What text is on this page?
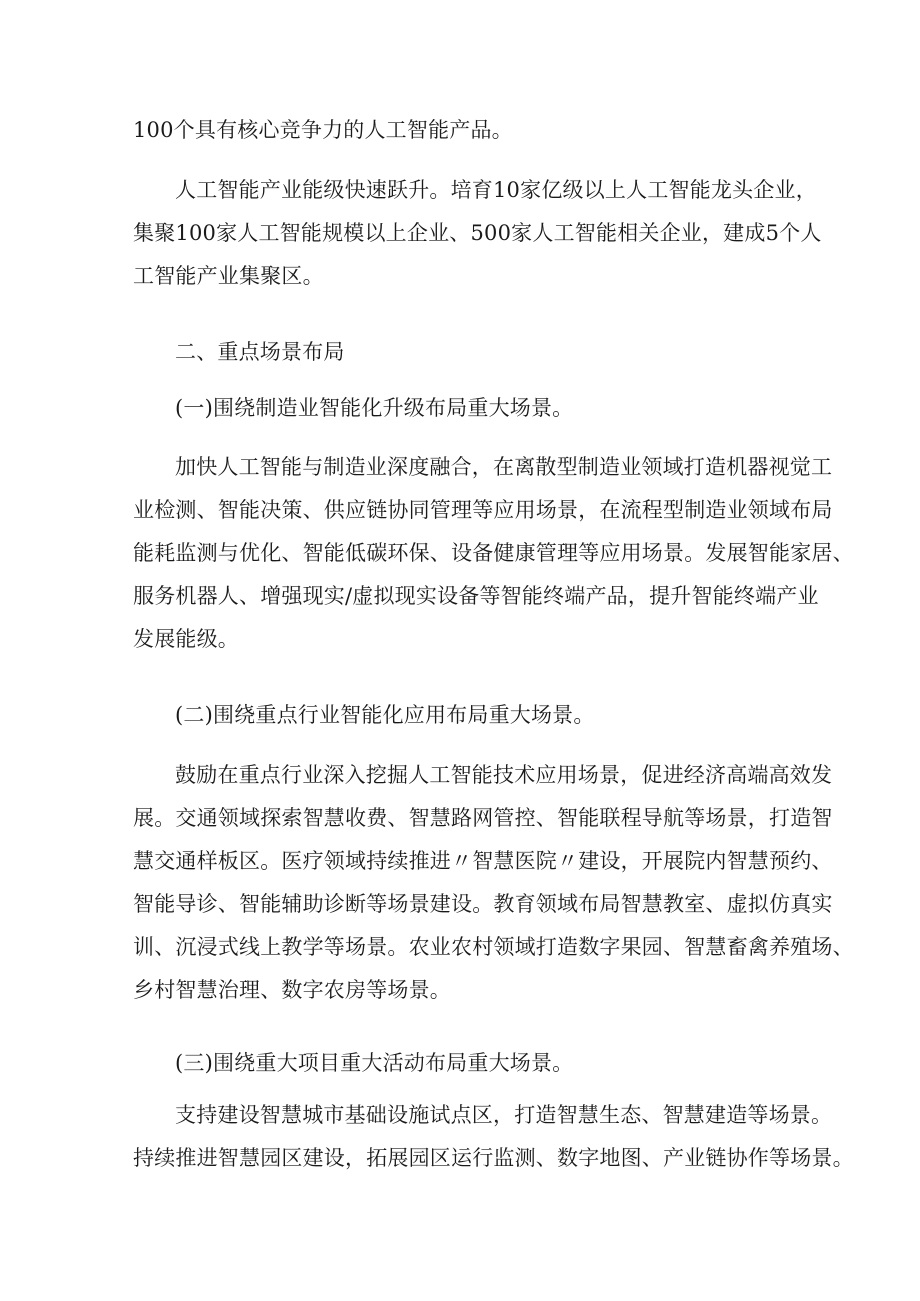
100个具有核心竞争力的人工智能产品。

人工智能产业能级快速跃升。培育10家亿级以上人工智能龙头企业，
集聚100家人工智能规模以上企业、500家人工智能相关企业，建成5个人
工智能产业集聚区。

二、重点场景布局

(一)围绕制造业智能化升级布局重大场景。

加快人工智能与制造业深度融合，在离散型制造业领域打造机器视觉工
业检测、智能决策、供应链协同管理等应用场景，在流程型制造业领域布局
能耗监测与优化、智能低碳环保、设备健康管理等应用场景。发展智能家居、
服务机器人、增强现实/虚拟现实设备等智能终端产品，提升智能终端产业
发展能级。

(二)围绕重点行业智能化应用布局重大场景。

鼓励在重点行业深入挖掘人工智能技术应用场景，促进经济高端高效发
展。交通领域探索智慧收费、智慧路网管控、智能联程导航等场景，打造智
慧交通样板区。医疗领域持续推进〃智慧医院〃建设，开展院内智慧预约、
智能导诊、智能辅助诊断等场景建设。教育领域布局智慧教室、虚拟仿真实
训、沉浸式线上教学等场景。农业农村领域打造数字果园、智慧畜禽养殖场、
乡村智慧治理、数字农房等场景。

(三)围绕重大项目重大活动布局重大场景。

支持建设智慧城市基础设施试点区，打造智慧生态、智慧建造等场景。
持续推进智慧园区建设，拓展园区运行监测、数字地图、产业链协作等场景。
